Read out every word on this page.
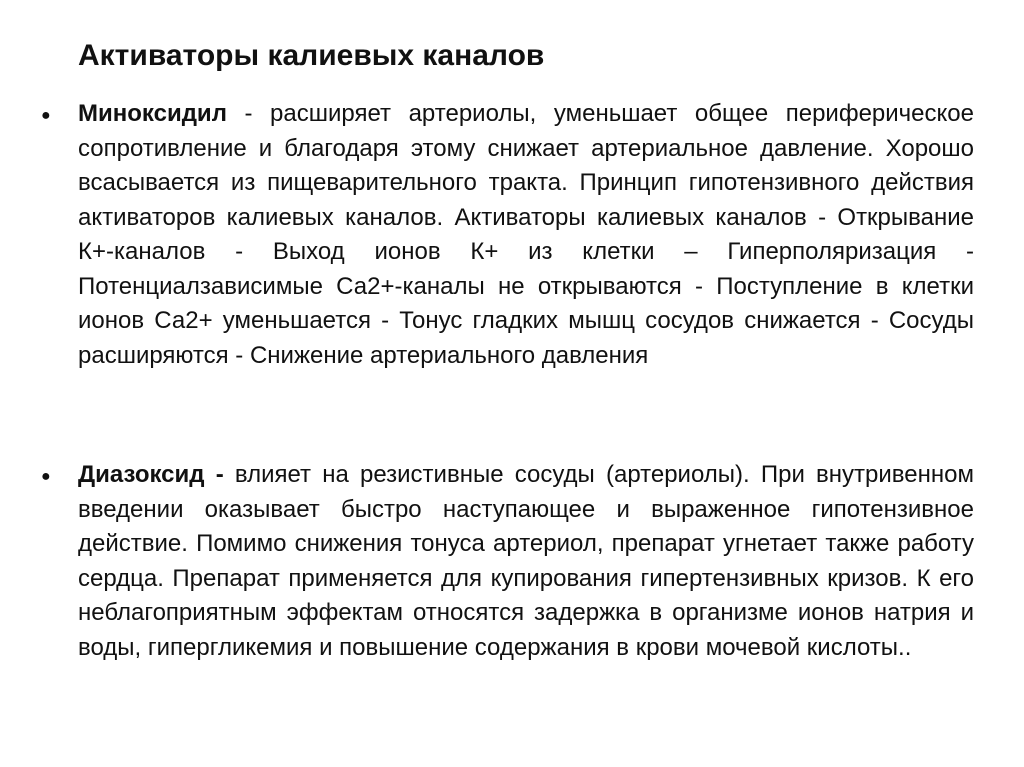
Активаторы калиевых каналов
●	Миноксидил - расширяет артериолы, уменьшает общее периферическое сопротивление и благодаря этому снижает артериальное давление. Хорошо всасывается из пищеварительного тракта. Принцип гипотензивного действия активаторов калиевых каналов. Активаторы калиевых каналов - Открывание К+-каналов - Выход ионов К+ из клетки – Гиперполяризация - Потенциалзависимые Са2+-каналы не открываются - Поступление в клетки ионов Са2+ уменьшается - Тонус гладких мышц сосудов снижается - Сосуды расширяются - Снижение артериального давления

●	Диазоксид - влияет на резистивные сосуды (артериолы). При внутривенном введении оказывает быстро наступающее и выраженное гипотензивное действие. Помимо снижения тонуса артериол, препарат угнетает также работу сердца. Препарат применяется для купирования гипертензивных кризов. К его неблагоприятным эффектам относятся задержка в организме ионов натрия и воды, гипергликемия и повышение содержания в крови мочевой кислоты..
